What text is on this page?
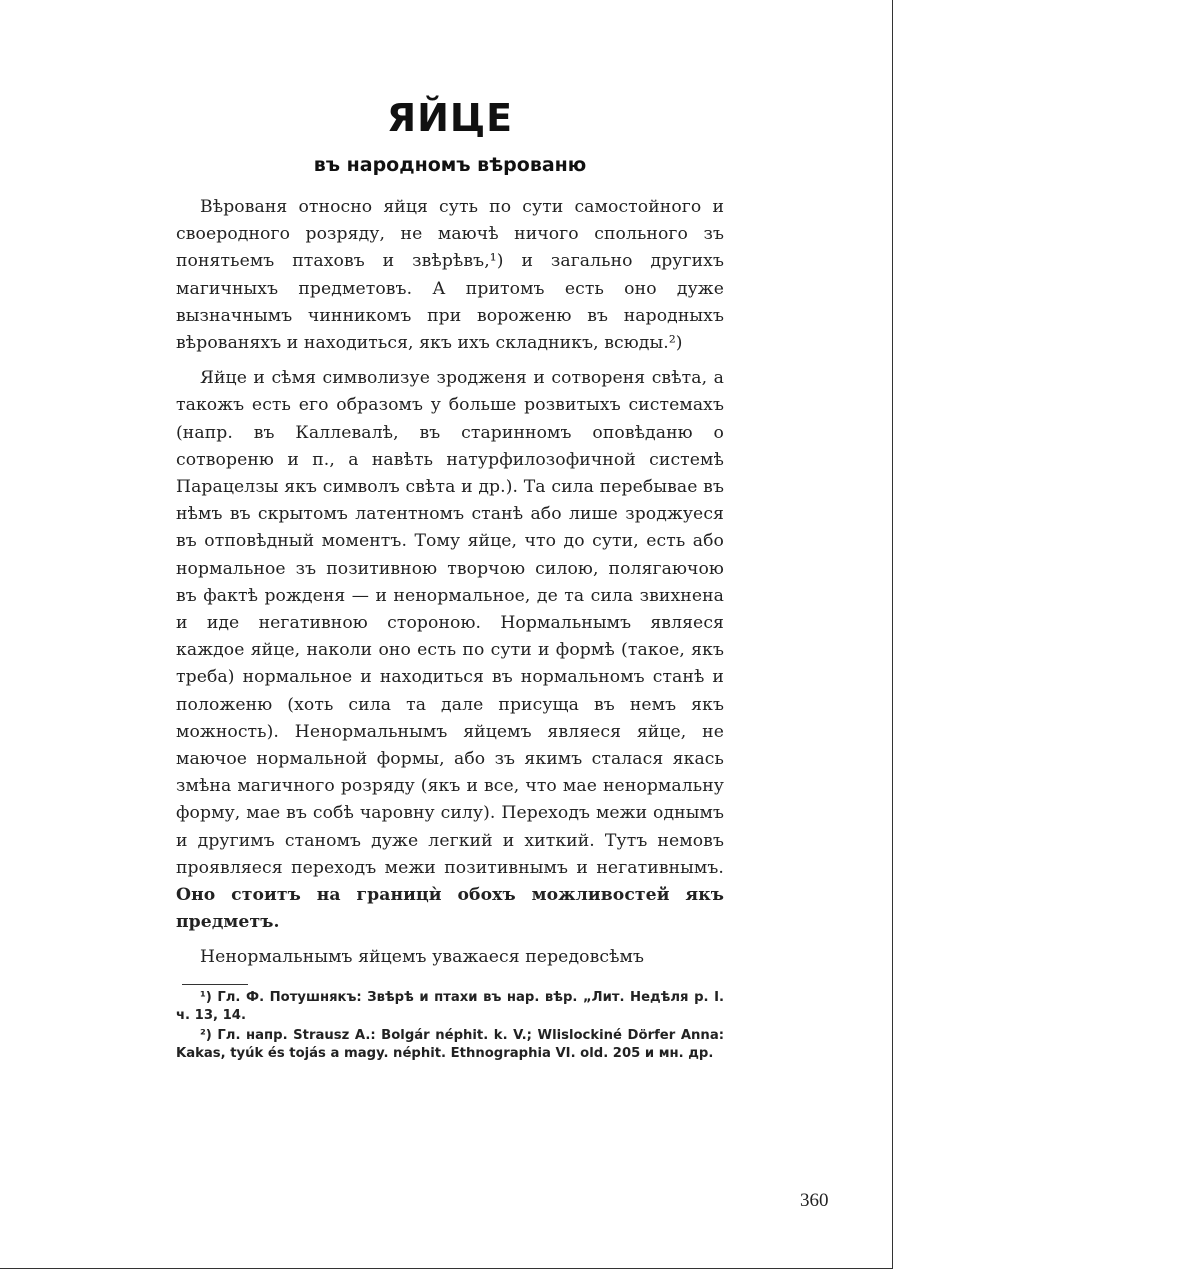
ЯЙЦЕ
въ народномъ вѣрованю

Вѣрованя относно яйця суть по сути самостойного и своеродного розряду, не маючѣ ничого спольного зъ понятьемъ птаховъ и звѣрѣвъ,¹) и загально другихъ магичныхъ предметовъ. А притомъ есть оно дуже вызначнымъ чинникомъ при вороженю въ народныхъ вѣрованяхъ и находиться, якъ ихъ складникъ, всюды.²)

Яйце и сѣмя символизуе зродженя и сотвореня свѣта, а такожъ есть его образомъ у больше розвитыхъ системахъ (напр. въ Каллевалѣ, въ старинномъ оповѣданю о сотвореню и п., а навѣть натурфилозофичной системѣ Парацелзы якъ символъ свѣта и др.). Та сила перебывае въ нѣмъ въ скрытомъ латентномъ станѣ або лише зроджуеся въ отповѣдный моментъ. Тому яйце, что до сути, есть або нормальное зъ позитивною творчою силою, полягаючою въ фактѣ рожденя — и ненормальное, де та сила звихнена и иде негативною стороною. Нормальнымъ являеся каждое яйце, наколи оно есть по сути и формѣ (такое, якъ треба) нормальное и находиться въ нормальномъ станѣ и положеню (хоть сила та дале присуща въ немъ якъ можность). Ненормальнымъ яйцемъ являеся яйце, не маючое нормальной формы, або зъ якимъ сталася якась змѣна магичного розряду (якъ и все, что мае ненормальну форму, мае въ собѣ чаровну силу). Переходъ межи однымъ и другимъ станомъ дуже легкий и хиткий. Тутъ немовъ проявляеся переходъ межи позитивнымъ и негативнымъ. Оно стоитъ на границѝ обохъ можливостей якъ предметъ.

Ненормальнымъ яйцемъ уважаеся передовсѣмъ

¹) Гл. Ф. Потушнякъ: Звѣрѣ и птахи въ нар. вѣр. „Лит. Недѣля р. I. ч. 13, 14.

²) Гл. напр. Strausz A.: Bolgár néphit. k. V.; Wlislockiné Dörfer Anna: Kakas, tyúk és tojás a magy. néphit. Ethnographia VI. old. 205 и мн. др.

360
